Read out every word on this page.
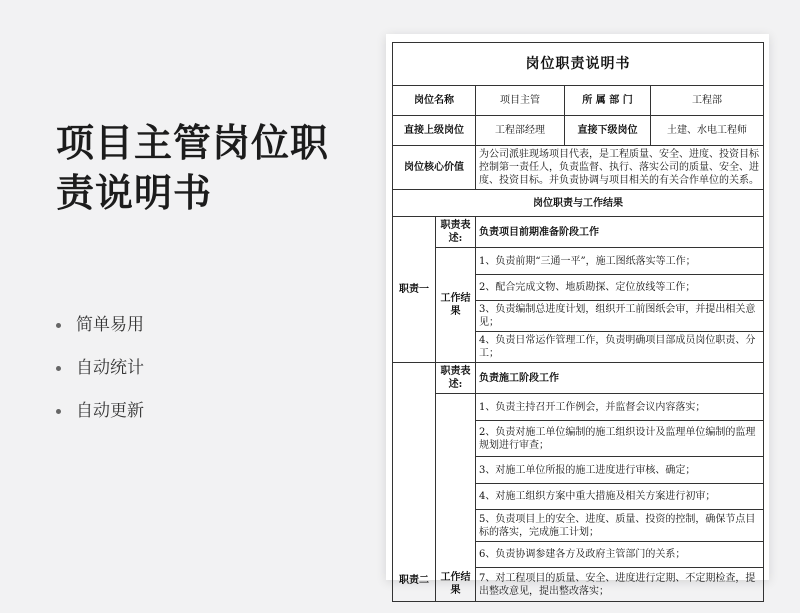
项目主管岗位职责说明书
简单易用
自动统计
自动更新
岗位职责说明书				
岗位名称		项目主管	所 属 部 门	工程部
直接上级岗位		工程部经理	直接下级岗位	土建、水电工程师
岗位核心价值		为公司派驻现场项目代表，是工程质量、安全、进度、投资目标控制第一责任人，负责监督、执行、落实公司的质量、安全、进度、投资目标。并负责协调与项目相关的有关合作单位的关系。		
岗位职责与工作结果				
职责一	职责表述:	负责项目前期准备阶段工作		
	工作结果	1、负责前期“三通一平”，施工图纸落实等工作；		
		2、配合完成文物、地质勘探、定位放线等工作；		
		3、负责编制总进度计划，组织开工前图纸会审，并提出相关意见；		
		4、负责日常运作管理工作，负责明确项目部成员岗位职责、分工；		
职责二	职责表述:	负责施工阶段工作		
	工作结果	1、负责主持召开工作例会，并监督会议内容落实；		
		2、负责对施工单位编制的施工组织设计及监理单位编制的监理规划进行审查；		
		3、对施工单位所报的施工进度进行审核、确定；		
		4、对施工组织方案中重大措施及相关方案进行初审；		
		5、负责项目上的安全、进度、质量、投资的控制，确保节点目标的落实，完成施工计划；		
		6、负责协调参建各方及政府主管部门的关系；		
		7、对工程项目的质量、安全、进度进行定期、不定期检查，提出整改意见，提出整改落实；		
